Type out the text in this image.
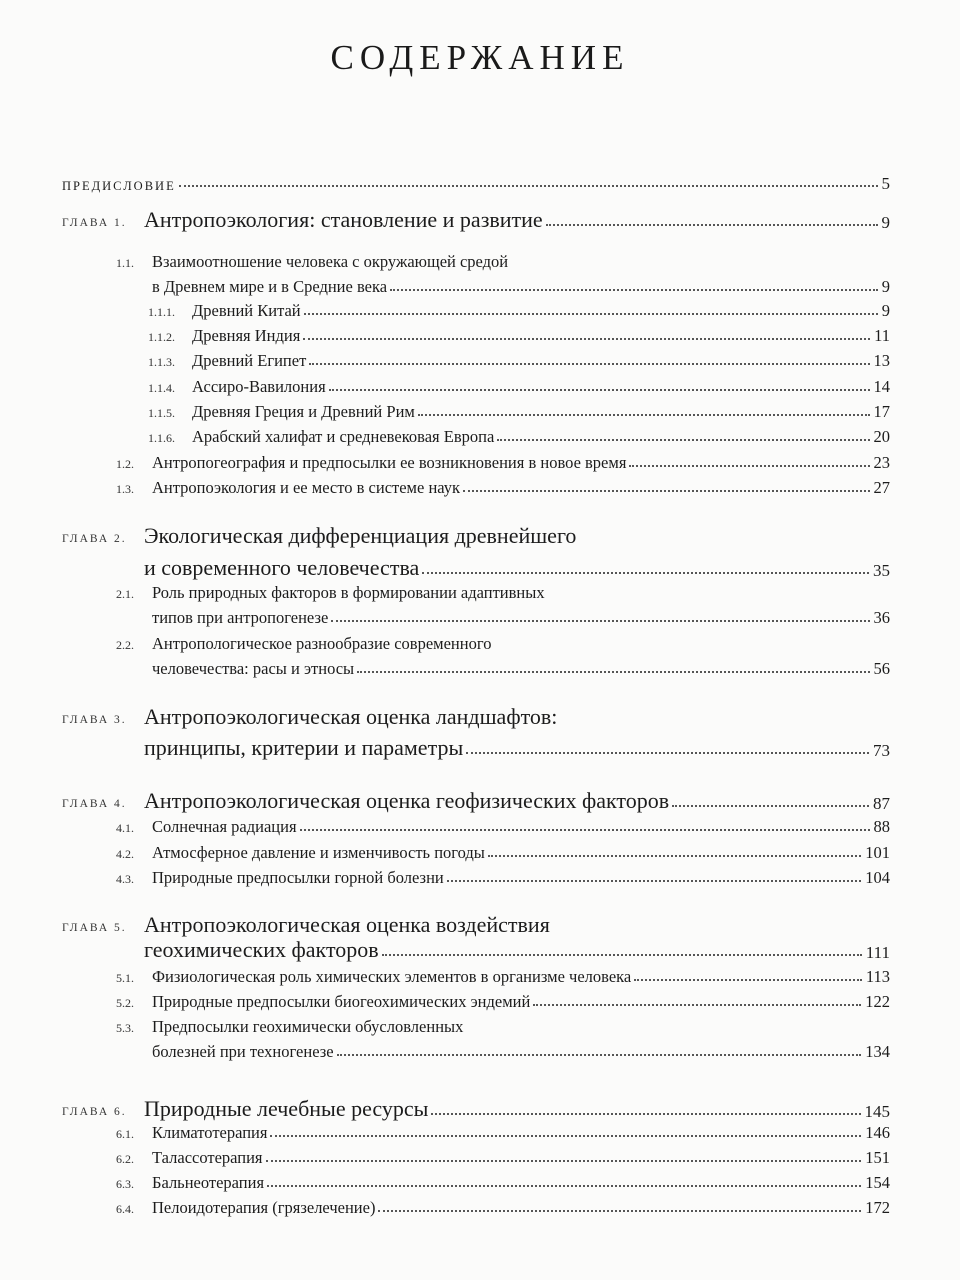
СОДЕРЖАНИЕ
ПРЕДИСЛОВИЕ	5
ГЛАВА 1. Антропоэкология: становление и развитие	9
1.1.	Взаимоотношение человека с окружающей средой
в Древнем мире и в Средние века	9
1.1.1.	Древний Китай	9
1.1.2.	Древняя Индия	11
1.1.3.	Древний Египет	13
1.1.4.	Ассиро-Вавилония	14
1.1.5.	Древняя Греция и Древний Рим	17
1.1.6.	Арабский халифат и средневековая Европа	20
1.2.	Антропогеография и предпосылки ее возникновения в новое время	23
1.3.	Антропоэкология и ее место в системе наук	27
ГЛАВА 2. Экологическая дифференциация древнейшего
и современного человечества	35
2.1.	Роль природных факторов в формировании адаптивных
типов при антропогенезе	36
2.2.	Антропологическое разнообразие современного
человечества: расы и этносы	56
ГЛАВА 3. Антропоэкологическая оценка ландшафтов:
принципы, критерии и параметры	73
ГЛАВА 4. Антропоэкологическая оценка геофизических факторов	87
4.1.	Солнечная радиация	88
4.2.	Атмосферное давление и изменчивость погоды	101
4.3.	Природные предпосылки горной болезни	104
ГЛАВА 5. Антропоэкологическая оценка воздействия
геохимических факторов	111
5.1.	Физиологическая роль химических элементов в организме человека	113
5.2.	Природные предпосылки биогеохимических эндемий	122
5.3.	Предпосылки геохимически обусловленных
болезней при техногенезе	134
ГЛАВА 6. Природные лечебные ресурсы	145
6.1.	Климатотерапия	146
6.2.	Талассотерапия	151
6.3.	Бальнеотерапия	154
6.4.	Пелоидотерапия (грязелечение)	172
